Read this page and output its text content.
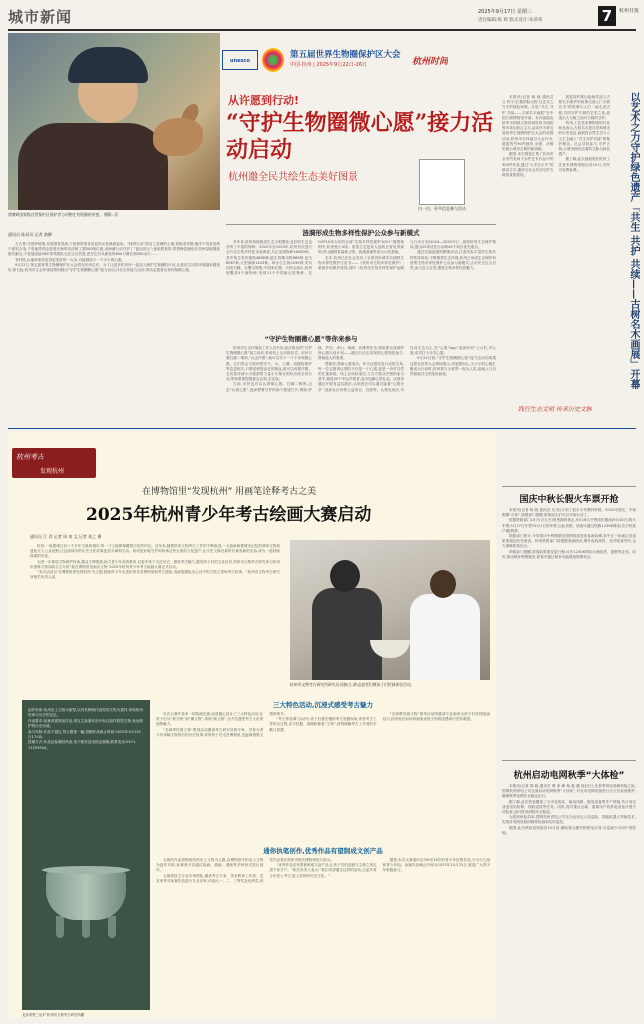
城市新闻	2025年9月17日 星期三
责任编辑:陈 辉 版式设计:朱蒂蒂	7	杭州日报
湾塘岭国家级自然保护区保护者与动物在有机圈的亲密。 摄影: 吴
unesco
第五届世界生物圈保护区大会
中国·杭州 | 2025年9月22日-26日	杭州时间
从许愿到行动!
“守护生物圈微心愿”接力活动启动
杭州邀全民共绘生态美好图景
扫一扫，更多信息参与活动
通讯员 陈双凤 记者 俞柳

万古苍·马塔伊杨帮,亮准感觉得到,于是坡带领肯尼亚的女性栽树起来。“绿带行动”改变了贫瘠的土地;刘海龙单整,海洋不再是是利干面料万染,于是他带领志愿者在海岸线清理了超500吨垃圾,用海滩行动守护了“蓝色国土”;意胶鸽者带,带着梅花鹿炊在杭州湿地继续数代繁衍,于是他连续26年带领团队无法让自然恩,恩足它们从新抚的800只增长到300余只……

有时候,让地球家园变得更美好的一大步,可能源如于一个小小的心愿。

9月22日,第五届世界生物圈保护区大会将在杭州召开。为了让更多的市民一起加入保护生物圈的行动,让我们生活的环境越来越美好,即日起,杭州市生态环境局特别推出“守护生物圈微心愿”接力活动,开启全民接力活动,带动志愿者认领环保微心愿。

涟漪形成生物多样性保护公众参与新模式

多年来,杭州持续推进生态文明建设,良好的生态也孕育了丰富的物种。2020年至2023年,杭州首次进行全方位生物多样性本底调查,共记录到物种16000种。其中物生类有植物4868种,陆生脊椎动物889种,昆虫8967种,大型真菌1423种。珍水生生物2035种,发布四类书籍。在鹰鸟物报,中国家红圈、天钟山南头,杭州规鹰其5个新物种,发现11个中国新记录物种。在COP15举办后的全球“生物多样性保护100+”典型案例中,杭州独占4席。星星生态是家人选的正省优秀案例,青山湖国家森林公园、西溪湿地等成为示范基地。

去年,杭州已在社会发布了全国首份城市市面野生物多样性保护白皮书——《杭州市生物多样性保护》,系统介绍保护成效,同时《杭州市生物多样性保护远期与行动计划(2024—2030年)》,剖析杭州生态保护格局,提出25项优先行动和44个项目优先重点。

通过实施创建的精准活动,打造内容丰富的生物多样性体验站,不断推果生态环保,杭州已形成生态保护科普的生物多样性保护公众参与新模式,让市民走近大自然,参与近大自然,感受生物多样性的魅力。

“守护生物圈微心愿”等你来参与

杭州市生态环境局工作人员介绍,此次推出的“守护生物圈微心愿”接力活动,采用线上互动的形式。市民只要扫描二维码,“点击许愿”,就可以写下一个个环保微心愿。它们将会与杭州的空气、水、土壤、动植物保护等息息相关,只要是和您亲近的相连,都可以成愿许愿。它们将开辟小小愿望的力量小小保全的好活和全员行动,等待着被您愿意去认领,去实现。

当前,市民也可以认领微心愿。扫描二维码,点击“认领心愿”,选择想要守护的那个愿望打开,例如:护绿、护河、净山、海滩、彩排等任务,领取即完成那些所心愿行动计划——通过行动去实现的心愿则是参与,帮助他人的愿望。

帮助你,帮助心愿成功。作为还是信息行动的主角,每一位志愿者认领的不仅是一个心愿,更是一份对自然的庄重承诺。线上活动结束后,主办方将从许愿的参与者中,抽选30个幸运许愿者,送出加满心的礼品。认领者通过开展有益实践后,认领者还可以通过接着“心愿分享”,选择社区环保公益项目、自愿等。认领完成后,可以向生态为主,在“心愿”App“选择杭州”公示栏,许心愿,成功打卡分享心愿。

9月22日前,“守护生物圈微心愿”接力活动的成果还将在世界大会现场展示,用笔愿用心,当小小的心愿汇聚成大行动时,杭州将与全世界一起为人类,绘就人与自然和谐共生的美好画卷。

本报讯(记者 姚 晓 通讯员 文 钦宇)汇聚国际大野,以艺术之力守护绿色家园。日前,“共生 共护 共续——古树名木画展”在中国万狗博物馆开幕。本次画展由杭州市园林文物局和杭州市画院等多单位联合主办,活动作为第五届世界生物圈保护区大会的前置活动,杭州市全体地分大会开办,展览的约90件画作,全面、多维的展示城市古树的新面貌。

据悉,本次展览汇集了杭州市全市约有四千余件艺术作品中的300件作品,通过“大手拉小手”的联动方式,邀请全社会共同守护古树的身影展现。

展览同时推出绘画作品与古树名木保护的故事交流,让“古树名木”的故事与人们一起走进古树,共同守护古树的艺术之美,创造出人与树之间对古树的守护。

杭州,工艺美术博物馆馆长孙和良表示,古树名木是自然和城市的历史见证,画展将自然生态与人文生态融入“共生共护共续”的保护理念。社会共同参与,守护古树,让城市拥有活着的文脉与绿色遗产。

据了解,此次画展将在杭州工艺美术博物馆展出至10月,市民可免费参观。	以艺术之力守护绿色遗产「共生 共护 共续——古树名木画展」开幕
践行生态文明 传承历史文脉
杭州考古
发现杭州
在博物馆里“发现杭州” 用画笔诠释考古之美
2025年杭州青少年考古绘画大赛启动
通讯员 江 羿 记者 周 南 文 记者 张之 摄

杭州,一座建城已有八千多年文脉的城市,每一寸土地都埋藏着历史的印记。近年来,随着杭州文物考古工作的不断推进,一大批承载着城市记忆的珍贵文物和遗址走入公众视野,让这座城市的历史文化故事更加丰满和生动。如何更好地守护和传承这些宝贵的文化遗产,让历史文脉在新时代焕发新的光彩,成为一道持续探索的答卷。

为进一步推进文物保护传承,激活文博资源,助力青少年美育教育,以更多孩子走近历史、感受考古魅力,激发孩子们的文化自信,杭州市文物考古研究所与杭州市园林文物局联合主办的“我在博物馆里画出文物”2025年杭州青少年考古绘画大赛正式启动。

“本次活动以‘在博物馆里发现杭州’为主题,鼓励青少年走进杭州各类博物馆和考古遗址,用画笔描绘出心目中的文物之美和考古故事。”杭州市文物考古研究所相关负责人说。

杭州市文物考古研究所研究员吴赫(左)和志愿者们教孩子们绘画体验活动。

创作形象:杭州出土文物为原型,以具有鲜明代表性的文物为素材,体现杭州传承与历史的记忆。

作品要求:参赛者需原创作品,须在主参赛作品中标注创作原型文物,表达保护的历史价值。

参与年龄:作品不超过,每人限报一幅,投稿作品截止时间:2025年10月25日17:00。

投稿方式:作品及参赛回执表,电子版发送至指定邮箱,联系电话:0571-71293924。

北宋青瓷三足炉 杭州市文物考古研究所藏
三大特色活动,沉浸式感受考古魅力

本次大赛并非单一的绘画比赛,而是精心设计了三大特色活动,让孩子们从“看文物”到“懂文物”,再到“画文物”,全方位感受考古文化的独特魅力。

“名师带你看文物”系列活动邀请考古研究所的专家、学者为青少年讲解文物背后的历史故事,带领孩子们走进博物馆,近距离观察文物的细节。

“考古体验课”活动中,孩子们将在模拟考古发掘现场,体验考古工作的全过程,亲手挖掘、清理和修复“文物”,深刻理解考古工作者的辛勤与智慧。

“名师教你画文物”系列活动则邀请专业画家为孩子们传授绘画技巧,指导他们如何用画笔表现文物的质感和历史厚重感。

通你执笔创作,优秀作品有望制成文创产品

大赛的作品将围绕杭州出土文物为主题,以博物馆中的出土文物为创作对象,参赛者可以通过绘画、插画、漫画等多种形式进行创作。

大赛将设立专业评审团队,邀请考古专家、美术教育工作者、艺术家等对参赛作品进行专业评审,评选出一、二、三等奖及优秀奖,获奖作品将在杭州市相关博物馆进行展示。

“优秀作品还有望被制成文创产品,让孩子们的创意与文物之美走进千家万户。”相关负责人表示,“我们希望通过这样的活动,让更多青少年爱上考古,爱上杭州的历史文化。”

据悉,本次大赛面向全市6至18岁的青少年征集作品,分为少儿组和青少年组。参赛作品截止时间为2025年10月25日,欢迎广大青少年积极参与。

国庆中秋长假火车票开抢

本报讯(记者 杨 晓 通讯员 吴 欣)又到了抢手火车票的时候。2025年国庆、中秋假期“合体”,铁路部门提醒,旅客朋友们可以开始行动了。

根据铁路部门15天(含当天)预售期的规定,9月16日开售国庆期间(9月30日)的火车票,9月17日开售10月1日的车票,以此类推。旅客可通过铁路12306网站(含手机客户端)购票。

铁路部门预计,今年国庆中秋假期全国铁路将迎来客流高峰,其中长三角地区发送旅客将创历史新高。杭州铁路部门将根据客流情况,增开夜间高铁、加开临客列车,全力保障旅客出行。

铁路部门提醒,旅客如需要变更行程,可在12306网站办理改签、退票等业务。同时,推出候补购票服务,旅客可通过候补功能增加购票机会。

杭州启动电网秋季“大体检”

本报讯(记者 陈 晓 通讯员 傅 家 峰 杨 磊 璐 瑶)近日,在秋季用电高峰来临之际,国网杭州供电公司全面启动电网秋季“大体检”,对全市电网设备进行全方位检查维护,确保秋季电网安全稳定运行。

据了解,此次秋检覆盖了全市变电站、输电线路、配电设备等多个领域,共计划完成变电站检修、线路巡视等任务。同时,将对重点区域、重要用户的供电设备开展专项检查,及时排查消除安全隐患。

为提高秋检效率,国网杭州供电公司充分运用无人机巡检、智能机器人等新技术,实现对电网设备的精准检测和实时监控。

据悉,此次秋检将持续至10月底,期间将合理安排停电计划,尽量减少对用户的影响。
